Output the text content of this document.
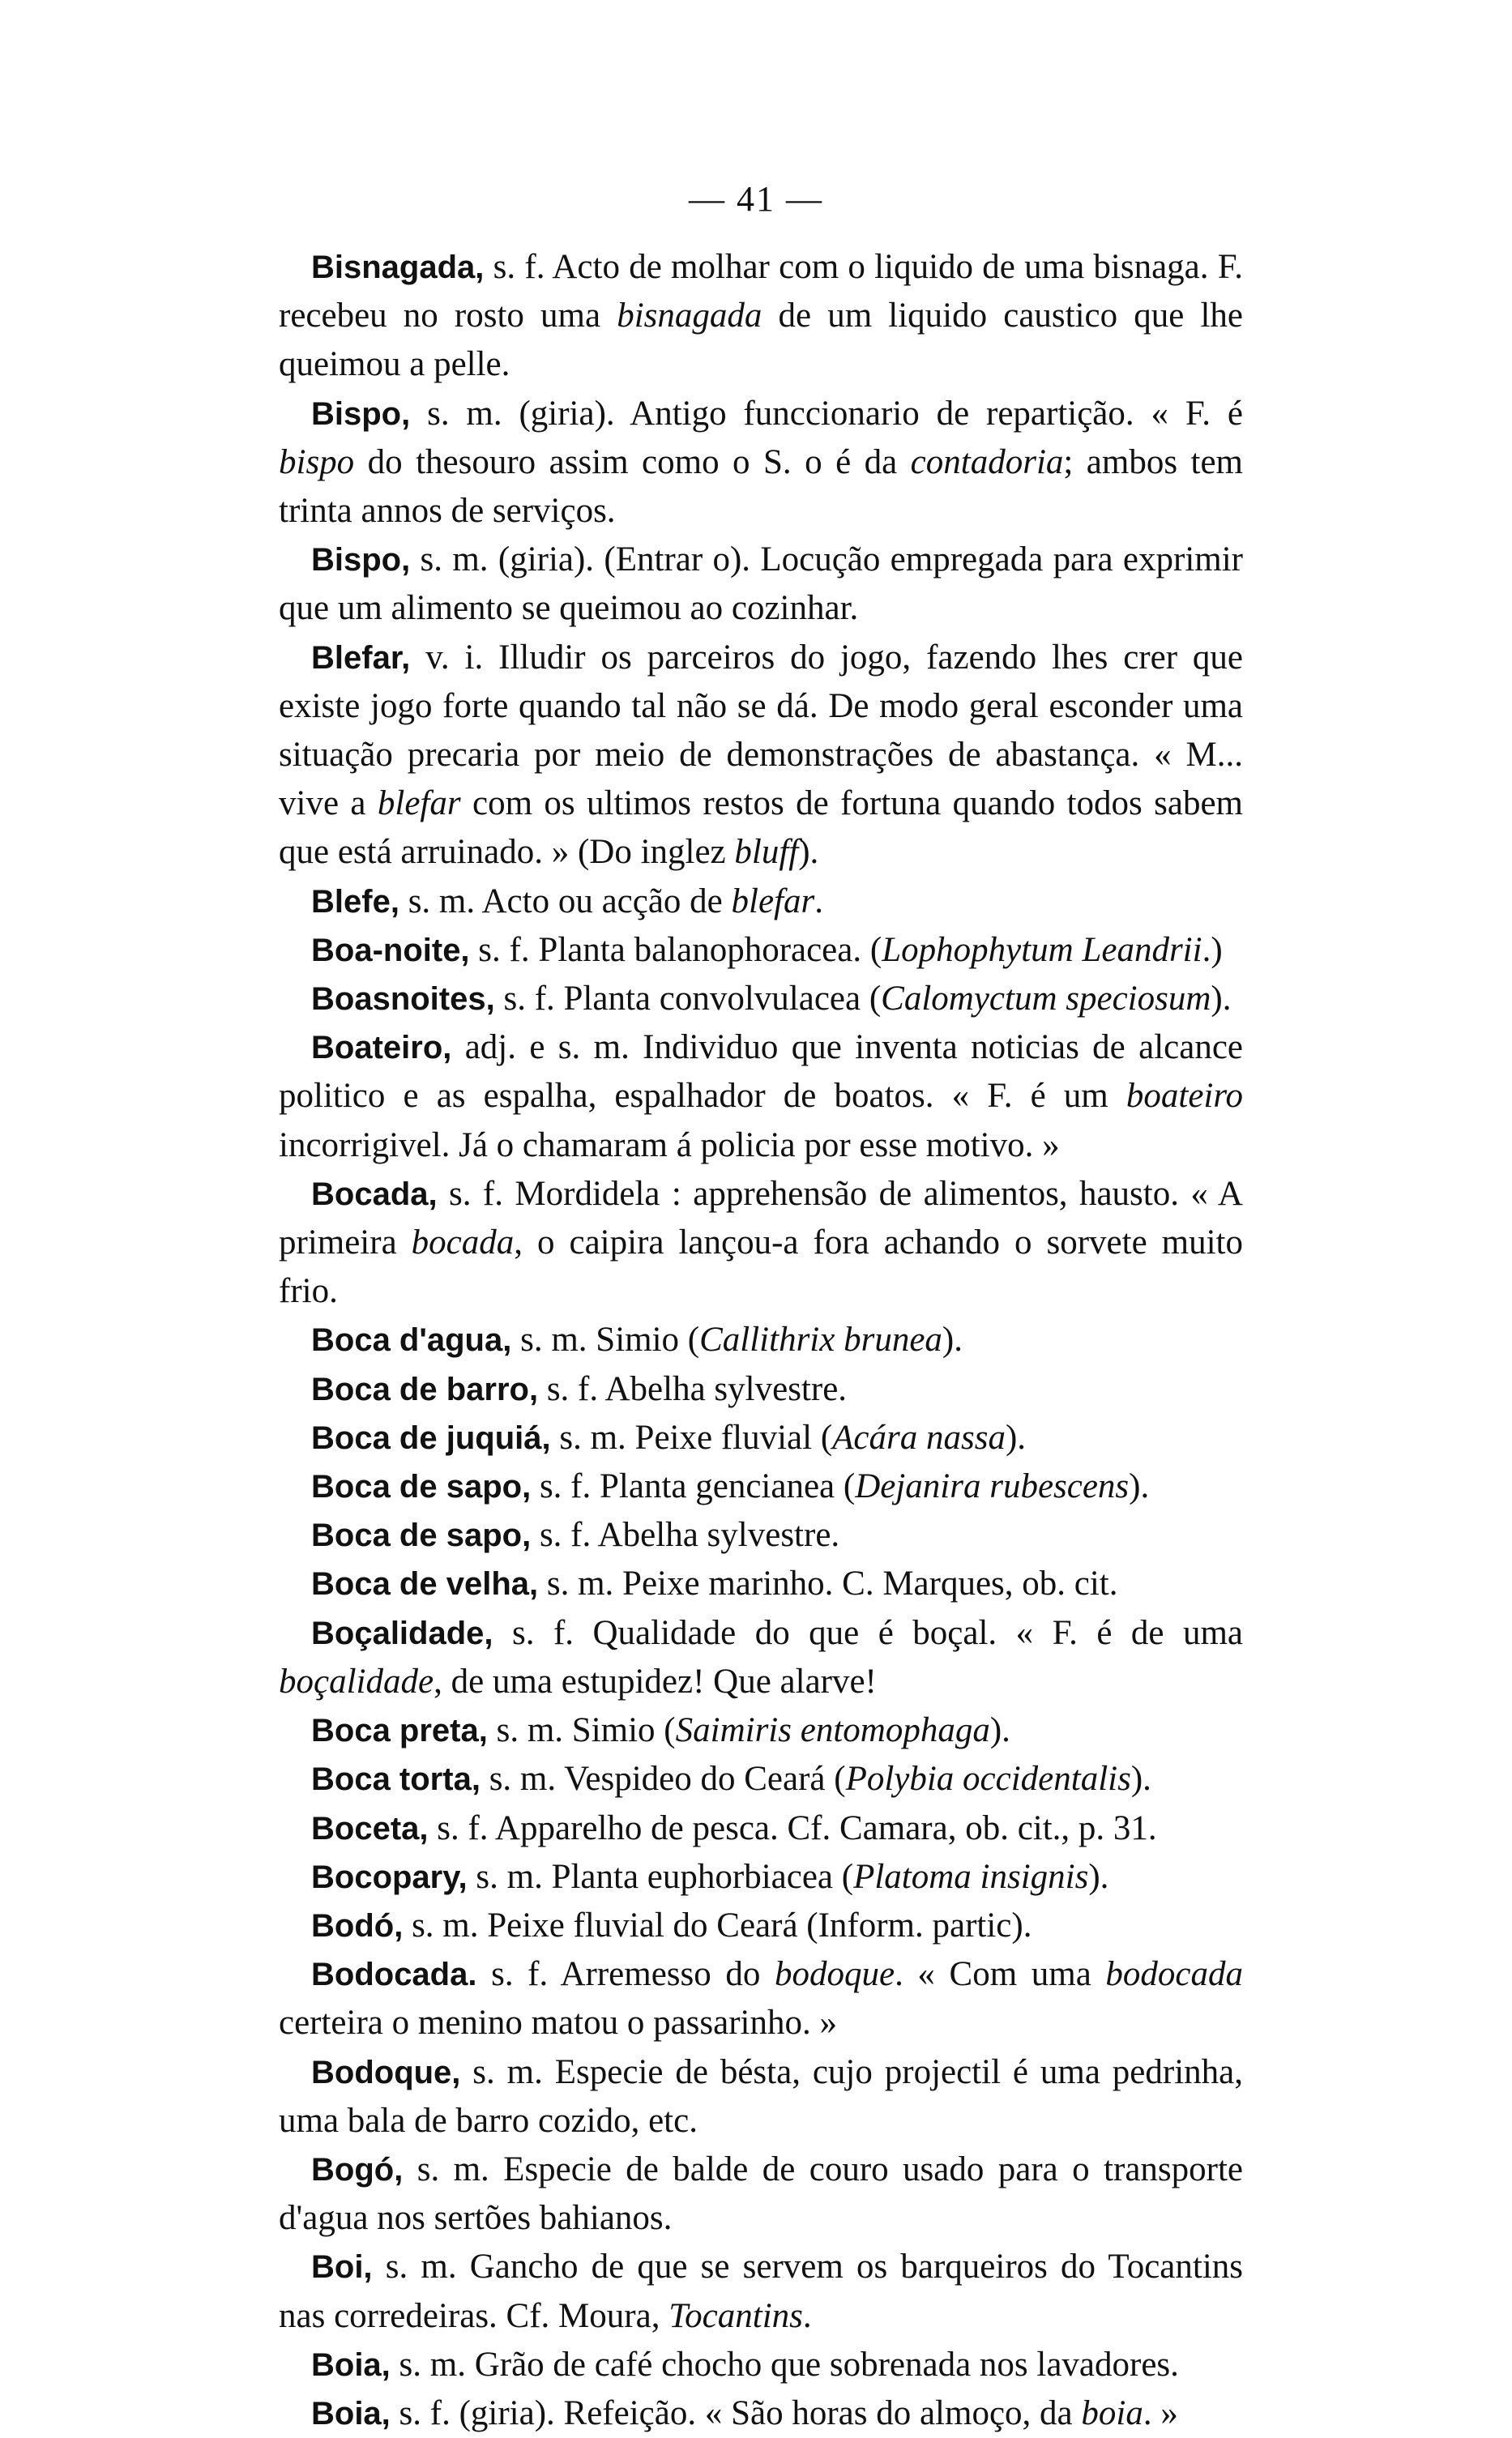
— 41 —

Bisnagada, s. f. Acto de molhar com o liquido de uma bisnaga. F. recebeu no rosto uma bisnagada de um liquido caustico que lhe queimou a pelle.

Bispo, s. m. (giria). Antigo funccionario de repartição. « F. é bispo do thesouro assim como o S. o é da contadoria; ambos tem trinta annos de serviços.

Bispo, s. m. (giria). (Entrar o). Locução empregada para exprimir que um alimento se queimou ao cozinhar.

Blefar, v. i. Illudir os parceiros do jogo, fazendo lhes crer que existe jogo forte quando tal não se dá. De modo geral esconder uma situação precaria por meio de demonstrações de abastança. « M... vive a blefar com os ultimos restos de fortuna quando todos sabem que está arruinado. » (Do inglez bluff).

Blefe, s. m. Acto ou acção de blefar.

Boa-noite, s. f. Planta balanophoracea. (Lophophytum Leandrii.)

Boasnoites, s. f. Planta convolvulacea (Calomyctum speciosum).

Boateiro, adj. e s. m. Individuo que inventa noticias de alcance politico e as espalha, espalhador de boatos. « F. é um boateiro incorrigivel. Já o chamaram á policia por esse motivo. »

Bocada, s. f. Mordidela : apprehensão de alimentos, hausto. « A primeira bocada, o caipira lançou-a fora achando o sorvete muito frio.

Boca d'agua, s. m. Simio (Callithrix brunea).

Boca de barro, s. f. Abelha sylvestre.

Boca de juquiá, s. m. Peixe fluvial (Acára nassa).

Boca de sapo, s. f. Planta gencianea (Dejanira rubescens).

Boca de sapo, s. f. Abelha sylvestre.

Boca de velha, s. m. Peixe marinho. C. Marques, ob. cit.

Boçalidade, s. f. Qualidade do que é boçal. « F. é de uma boçalidade, de uma estupidez! Que alarve!

Boca preta, s. m. Simio (Saimiris entomophaga).

Boca torta, s. m. Vespideo do Ceará (Polybia occidentalis).

Boceta, s. f. Apparelho de pesca. Cf. Camara, ob. cit., p. 31.

Bocopary, s. m. Planta euphorbiacea (Platoma insignis).

Bodó, s. m. Peixe fluvial do Ceará (Inform. partic).

Bodocada. s. f. Arremesso do bodoque. « Com uma bodocada certeira o menino matou o passarinho. »

Bodoque, s. m. Especie de bésta, cujo projectil é uma pedrinha, uma bala de barro cozido, etc.

Bogó, s. m. Especie de balde de couro usado para o transporte d'agua nos sertões bahianos.

Boi, s. m. Gancho de que se servem os barqueiros do Tocantins nas corredeiras. Cf. Moura, Tocantins.

Boia, s. m. Grão de café chocho que sobrenada nos lavadores.

Boia, s. f. (giria). Refeição. « São horas do almoço, da boia. »
